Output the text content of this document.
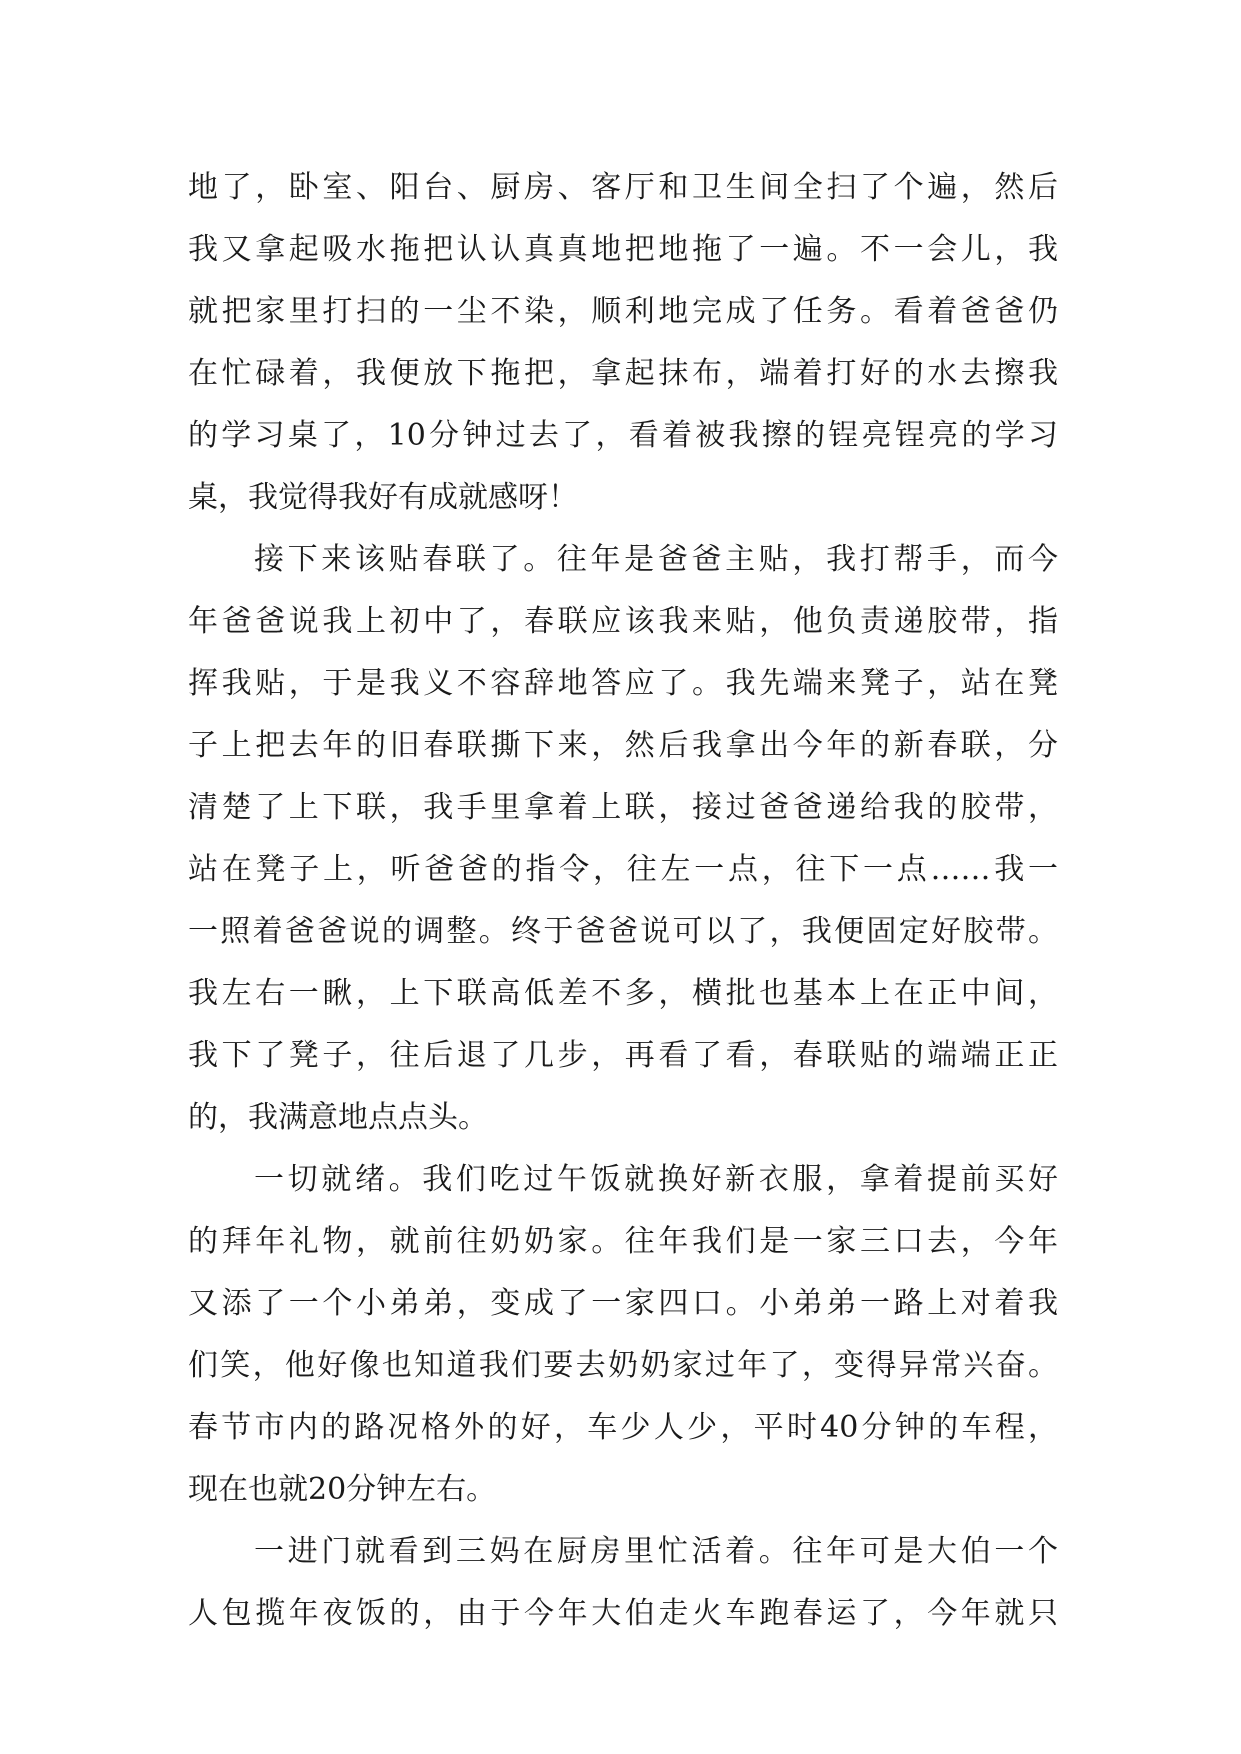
地了，卧室、阳台、厨房、客厅和卫生间全扫了个遍，然后
我又拿起吸水拖把认认真真地把地拖了一遍。不一会儿，我
就把家里打扫的一尘不染，顺利地完成了任务。看着爸爸仍
在忙碌着，我便放下拖把，拿起抹布，端着打好的水去擦我
的学习桌了，10分钟过去了，看着被我擦的锃亮锃亮的学习
桌，我觉得我好有成就感呀！
接下来该贴春联了。往年是爸爸主贴，我打帮手，而今
年爸爸说我上初中了，春联应该我来贴，他负责递胶带，指
挥我贴，于是我义不容辞地答应了。我先端来凳子，站在凳
子上把去年的旧春联撕下来，然后我拿出今年的新春联，分
清楚了上下联，我手里拿着上联，接过爸爸递给我的胶带，
站在凳子上，听爸爸的指令，往左一点，往下一点……我一
一照着爸爸说的调整。终于爸爸说可以了，我便固定好胶带。
我左右一瞅，上下联高低差不多，横批也基本上在正中间，
我下了凳子，往后退了几步，再看了看，春联贴的端端正正
的，我满意地点点头。
一切就绪。我们吃过午饭就换好新衣服，拿着提前买好
的拜年礼物，就前往奶奶家。往年我们是一家三口去，今年
又添了一个小弟弟，变成了一家四口。小弟弟一路上对着我
们笑，他好像也知道我们要去奶奶家过年了，变得异常兴奋。
春节市内的路况格外的好，车少人少，平时40分钟的车程，
现在也就20分钟左右。
一进门就看到三妈在厨房里忙活着。往年可是大伯一个
人包揽年夜饭的，由于今年大伯走火车跑春运了，今年就只
